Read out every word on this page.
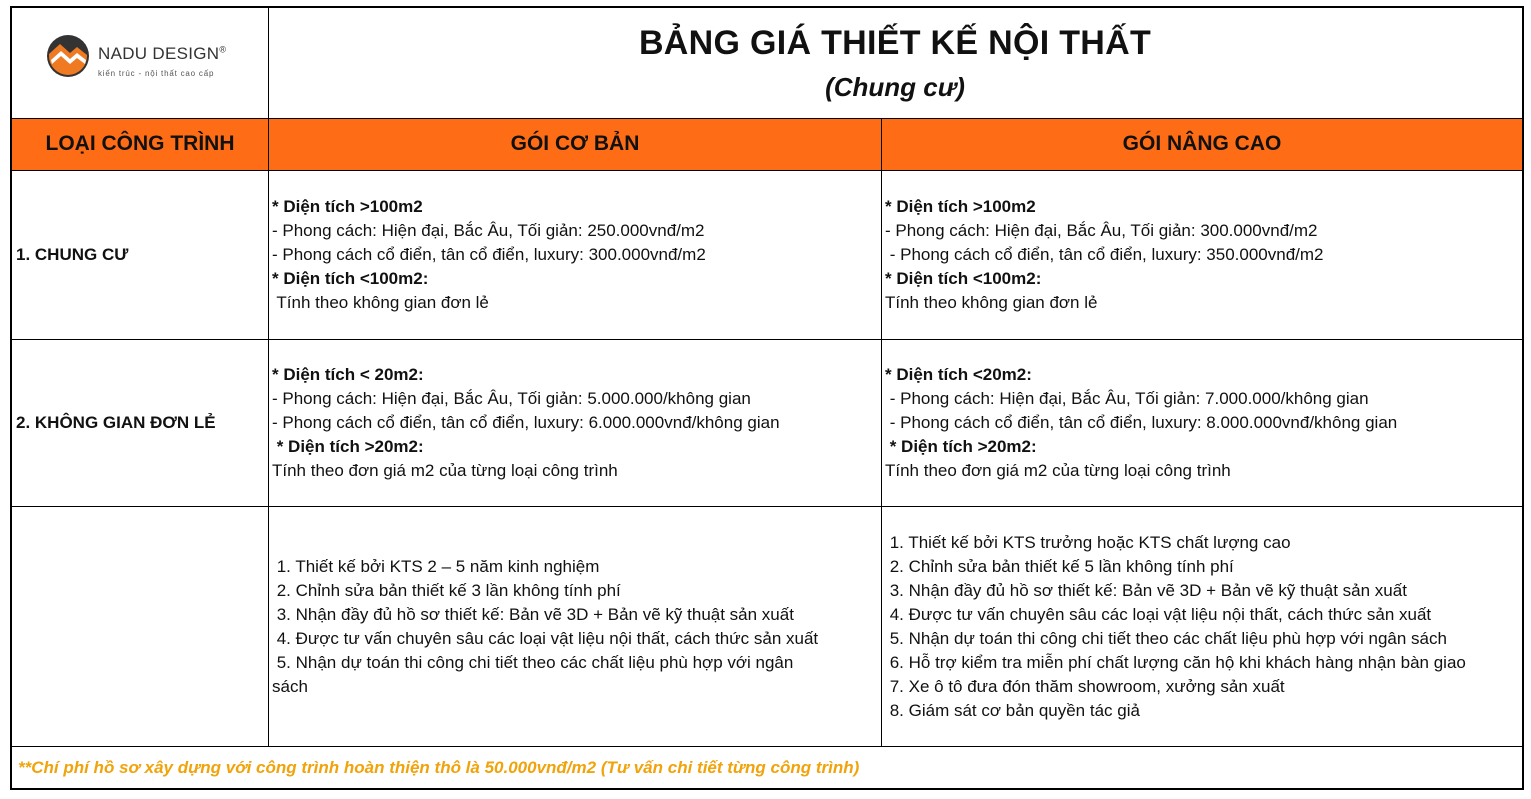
NADU DESIGN®
kiến trúc - nội thất cao cấp
BẢNG GIÁ THIẾT KẾ NỘI THẤT
(Chung cư)
LOẠI CÔNG TRÌNH	GÓI CƠ BẢN	GÓI NÂNG CAO
1. CHUNG CƯ
* Diện tích >100m2
- Phong cách: Hiện đại, Bắc Âu, Tối giản: 250.000vnđ/m2
- Phong cách cổ điển, tân cổ điển, luxury: 300.000vnđ/m2
* Diện tích <100m2:
Tính theo không gian đơn lẻ
* Diện tích >100m2
- Phong cách: Hiện đại, Bắc Âu, Tối giản: 300.000vnđ/m2
- Phong cách cổ điển, tân cổ điển, luxury: 350.000vnđ/m2
* Diện tích <100m2:
Tính theo không gian đơn lẻ
2. KHÔNG GIAN ĐƠN LẺ
* Diện tích < 20m2:
- Phong cách: Hiện đại, Bắc Âu, Tối giản: 5.000.000/không gian
- Phong cách cổ điển, tân cổ điển, luxury: 6.000.000vnđ/không gian
* Diện tích >20m2:
Tính theo đơn giá m2 của từng loại công trình
* Diện tích <20m2:
- Phong cách: Hiện đại, Bắc Âu, Tối giản: 7.000.000/không gian
- Phong cách cổ điển, tân cổ điển, luxury: 8.000.000vnđ/không gian
* Diện tích >20m2:
Tính theo đơn giá m2 của từng loại công trình
1. Thiết kế bởi KTS 2 – 5 năm kinh nghiệm
2. Chỉnh sửa bản thiết kế 3 lần không tính phí
3. Nhận đầy đủ hồ sơ thiết kế: Bản vẽ 3D + Bản vẽ kỹ thuật sản xuất
4. Được tư vấn chuyên sâu các loại vật liệu nội thất, cách thức sản xuất
5. Nhận dự toán thi công chi tiết theo các chất liệu phù hợp với ngân
sách
1. Thiết kế bởi KTS trưởng hoặc KTS chất lượng cao
2. Chỉnh sửa bản thiết kế 5 lần không tính phí
3. Nhận đầy đủ hồ sơ thiết kế: Bản vẽ 3D + Bản vẽ kỹ thuật sản xuất
4. Được tư vấn chuyên sâu các loại vật liệu nội thất, cách thức sản xuất
5. Nhận dự toán thi công chi tiết theo các chất liệu phù hợp với ngân sách
6. Hỗ trợ kiểm tra miễn phí chất lượng căn hộ khi khách hàng nhận bàn giao
7. Xe ô tô đưa đón thăm showroom, xưởng sản xuất
8. Giám sát cơ bản quyền tác giả
**Chí phí hồ sơ xây dựng với công trình hoàn thiện thô là 50.000vnđ/m2 (Tư vấn chi tiết từng công trình)
